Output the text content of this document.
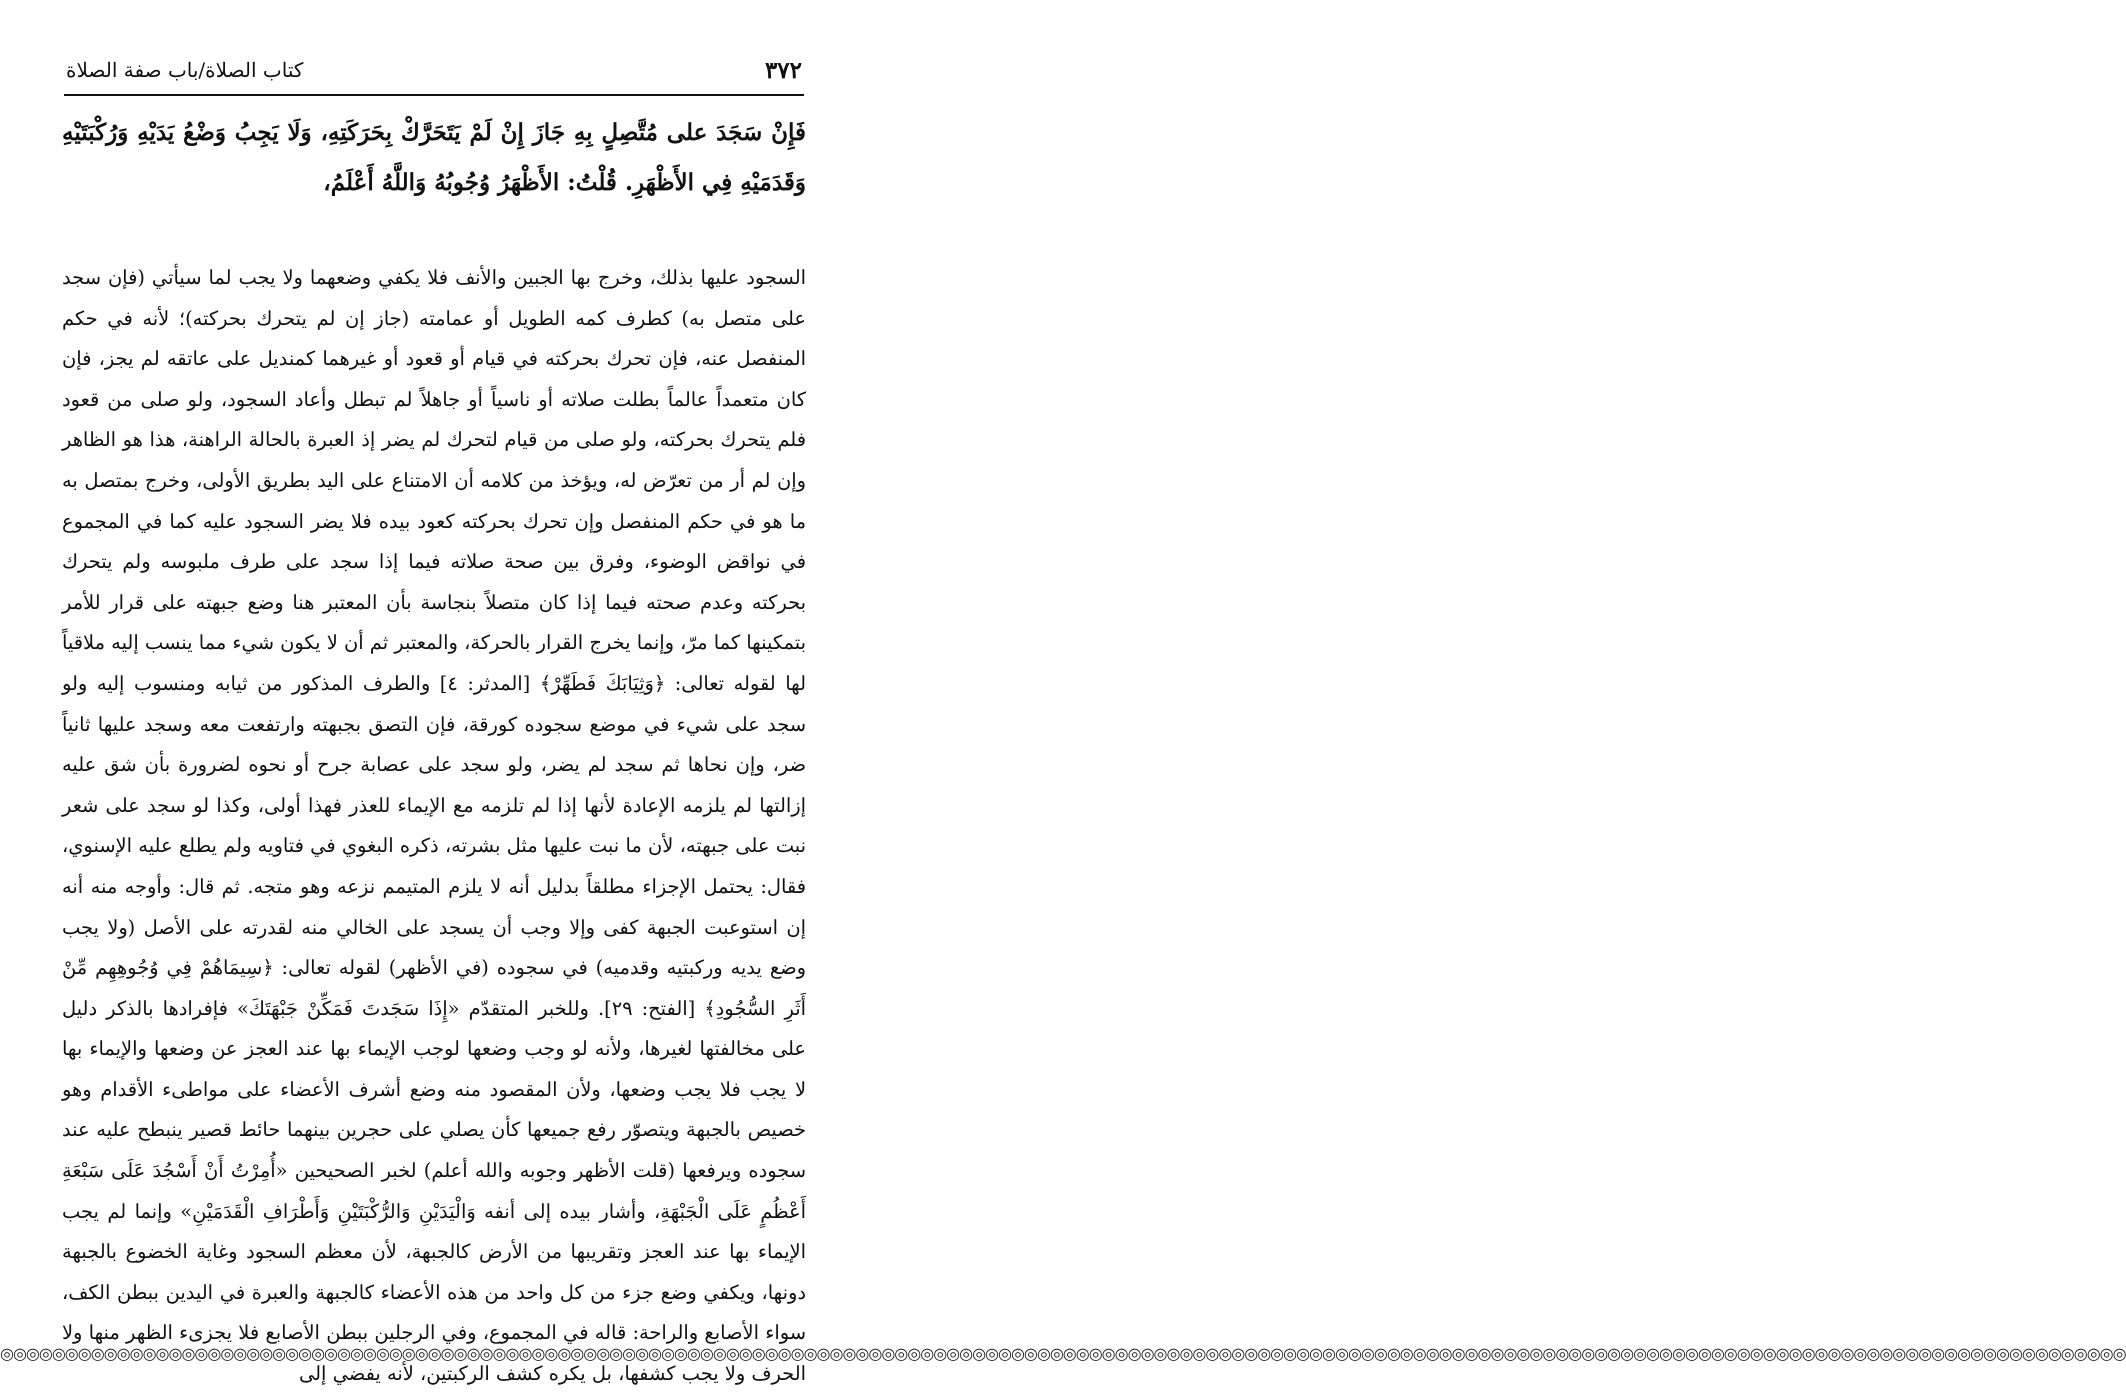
٣٧٢
كتاب الصلاة/باب صفة الصلاة
فَإِنْ سَجَدَ على مُتَّصِلٍ بِهِ جَازَ إِنْ لَمْ يَتَحَرَّكْ بِحَرَكَتِهِ، وَلَا يَجِبُ وَضْعُ يَدَيْهِ وَرُكْبَتَيْهِ وَقَدَمَيْهِ فِي الأَظْهَرِ. قُلْتُ: الأَظْهَرُ وُجُوبُهُ وَاللَّهُ أَعْلَمُ،

السجود عليها بذلك، وخرج بها الجبين والأنف فلا يكفي وضعهما ولا يجب لما سيأتي (فإن سجد على متصل به) كطرف كمه الطويل أو عمامته (جاز إن لم يتحرك بحركته)؛ لأنه في حكم المنفصل عنه، فإن تحرك بحركته في قيام أو قعود أو غيرهما كمنديل على عاتقه لم يجز، فإن كان متعمداً عالماً بطلت صلاته أو ناسياً أو جاهلاً لم تبطل وأعاد السجود، ولو صلى من قعود فلم يتحرك بحركته، ولو صلى من قيام لتحرك لم يضر إذ العبرة بالحالة الراهنة، هذا هو الظاهر وإن لم أر من تعرّض له، ويؤخذ من كلامه أن الامتناع على اليد بطريق الأولى، وخرج بمتصل به ما هو في حكم المنفصل وإن تحرك بحركته كعود بيده فلا يضر السجود عليه كما في المجموع في نواقض الوضوء، وفرق بين صحة صلاته فيما إذا سجد على طرف ملبوسه ولم يتحرك بحركته وعدم صحته فيما إذا كان متصلاً بنجاسة بأن المعتبر هنا وضع جبهته على قرار للأمر بتمكينها كما مرّ، وإنما يخرج القرار بالحركة، والمعتبر ثم أن لا يكون شيء مما ينسب إليه ملاقياً لها لقوله تعالى: ﴿وَثِيَابَكَ فَطَهِّرْ﴾ [المدثر: ٤] والطرف المذكور من ثيابه ومنسوب إليه ولو سجد على شيء في موضع سجوده كورقة، فإن التصق بجبهته وارتفعت معه وسجد عليها ثانياً ضر، وإن نحاها ثم سجد لم يضر، ولو سجد على عصابة جرح أو نحوه لضرورة بأن شق عليه إزالتها لم يلزمه الإعادة لأنها إذا لم تلزمه مع الإيماء للعذر فهذا أولى، وكذا لو سجد على شعر نبت على جبهته، لأن ما نبت عليها مثل بشرته، ذكره البغوي في فتاويه ولم يطلع عليه الإسنوي، فقال: يحتمل الإجزاء مطلقاً بدليل أنه لا يلزم المتيمم نزعه وهو متجه. ثم قال: وأوجه منه أنه إن استوعبت الجبهة كفى وإلا وجب أن يسجد على الخالي منه لقدرته على الأصل (ولا يجب وضع يديه وركبتيه وقدميه) في سجوده (في الأظهر) لقوله تعالى: ﴿سِيمَاهُمْ فِي وُجُوهِهِم مِّنْ أَثَرِ السُّجُودِ﴾ [الفتح: ٢٩]. وللخبر المتقدّم «إِذَا سَجَدتَ فَمَكِّنْ جَبْهَتَكَ» فإفرادها بالذكر دليل على مخالفتها لغيرها، ولأنه لو وجب وضعها لوجب الإيماء بها عند العجز عن وضعها والإيماء بها لا يجب فلا يجب وضعها، ولأن المقصود منه وضع أشرف الأعضاء على مواطىء الأقدام وهو خصيص بالجبهة ويتصوّر رفع جميعها كأن يصلي على حجرين بينهما حائط قصير ينبطح عليه عند سجوده ويرفعها (قلت الأظهر وجوبه والله أعلم) لخبر الصحيحين «أُمِرْتُ أَنْ أَسْجُدَ عَلَى سَبْعَةِ أَعْظُمٍ عَلَى الْجَبْهَةِ، وأشار بيده إلى أنفه وَالْيَدَيْنِ وَالرُّكْبَتَيْنِ وَأَطْرَافِ الْقَدَمَيْنِ» وإنما لم يجب الإيماء بها عند العجز وتقريبها من الأرض كالجبهة، لأن معظم السجود وغاية الخضوع بالجبهة دونها، ويكفي وضع جزء من كل واحد من هذه الأعضاء كالجبهة والعبرة في اليدين ببطن الكف، سواء الأصابع والراحة: قاله في المجموع، وفي الرجلين ببطن الأصابع فلا يجزىء الظهر منها ولا الحرف ولا يجب كشفها، بل يكره كشف الركبتين، لأنه يفضي إلى

◎◎◎◎◎◎◎◎◎◎◎◎◎◎◎◎◎◎◎◎◎◎◎◎◎◎◎◎◎◎◎◎◎◎◎◎◎◎◎◎◎◎◎◎◎◎◎◎◎◎◎◎◎◎◎◎◎◎◎◎◎◎◎◎◎◎◎◎◎◎◎◎◎◎◎◎◎◎◎◎◎◎◎◎◎◎◎◎◎◎◎◎◎◎◎◎◎◎◎◎◎◎◎◎◎◎◎◎◎◎◎◎◎◎◎◎◎◎◎◎◎◎◎◎◎◎◎◎◎◎◎◎◎◎◎◎◎◎◎◎◎◎◎◎◎◎◎◎◎◎◎◎◎◎◎◎◎◎◎◎◎◎◎◎
